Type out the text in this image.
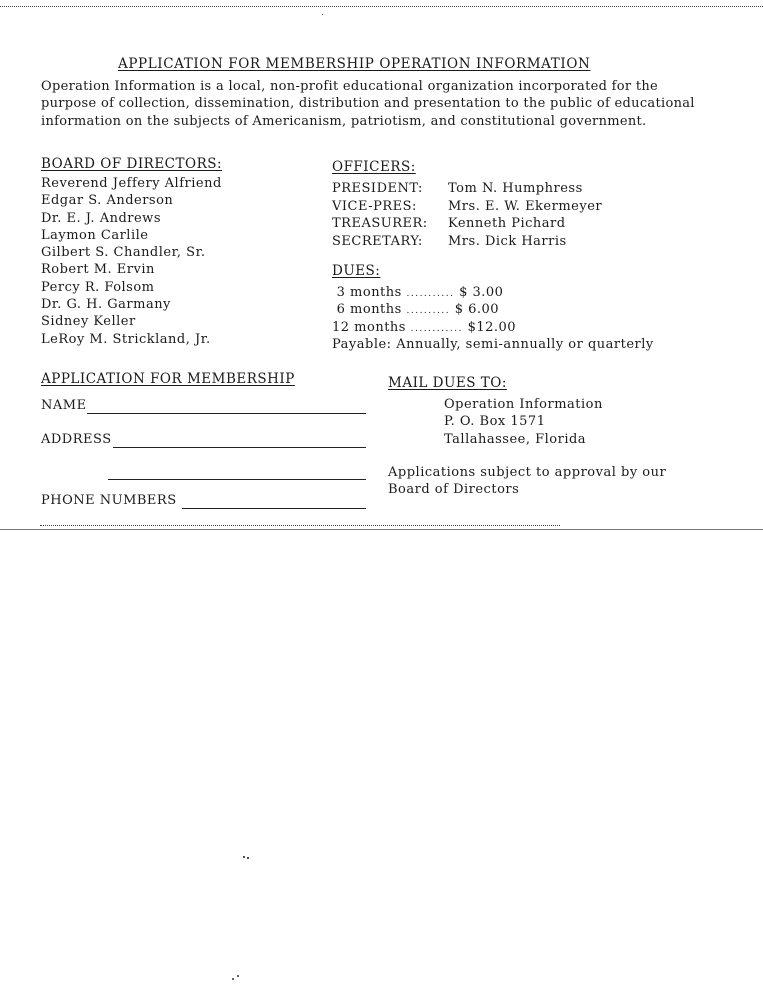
APPLICATION FOR MEMBERSHIP OPERATION INFORMATION
Operation Information is a local, non-profit educational organization incorporated for the purpose of collection, dissemination, distribution and presentation to the public of educational information on the subjects of Americanism, patriotism, and constitutional government.
BOARD OF DIRECTORS:
Reverend Jeffery Alfriend
Edgar S. Anderson
Dr. E. J. Andrews
Laymon Carlile
Gilbert S. Chandler, Sr.
Robert M. Ervin
Percy R. Folsom
Dr. G. H. Garmany
Sidney Keller
LeRoy M. Strickland, Jr.
OFFICERS:
PRESIDENT:	Tom N. Humphress
VICE-PRES:	Mrs. E. W. Ekermeyer
TREASURER:	Kenneth Pichard
SECRETARY:	Mrs. Dick Harris
DUES:
3 months ........... $ 3.00
6 months .......... $ 6.00
12 months ............ $12.00
Payable: Annually, semi-annually or quarterly
APPLICATION FOR MEMBERSHIP
NAME
ADDRESS
PHONE NUMBERS
MAIL DUES TO:
Operation Information
P. O. Box 1571
Tallahassee, Florida
Applications subject to approval by our Board of Directors
